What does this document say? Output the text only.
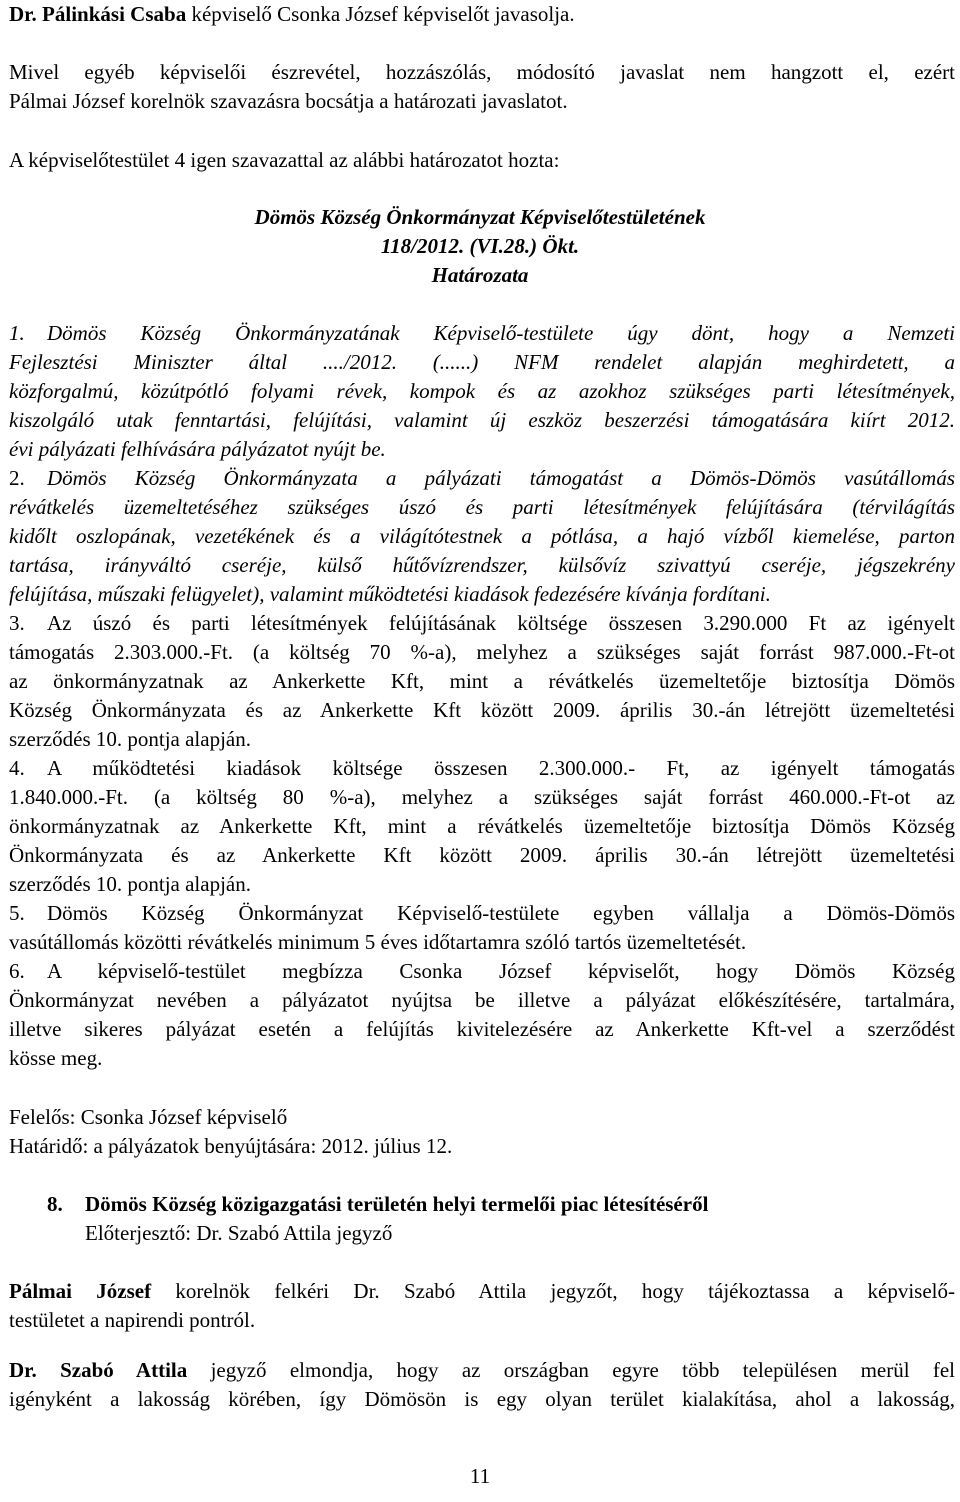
Dr. Pálinkási Csaba képviselő Csonka József képviselőt javasolja.

Mivel egyéb képviselői észrevétel, hozzászólás, módosító javaslat nem hangzott el, ezért
Pálmai József korelnök szavazásra bocsátja a határozati javaslatot.

A képviselőtestület 4 igen szavazattal az alábbi határozatot hozta:

Dömös Község Önkormányzat Képviselőtestületének

118/2012. (VI.28.) Ökt.

Határozata

1. Dömös Község Önkormányzatának Képviselő-testülete úgy dönt, hogy a Nemzeti
Fejlesztési Miniszter által ..../2012. (......) NFM rendelet alapján meghirdetett, a
közforgalmú, közútpótló folyami révek, kompok és az azokhoz szükséges parti létesítmények,
kiszolgáló utak fenntartási, felújítási, valamint új eszköz beszerzési támogatására kiírt 2012.
évi pályázati felhívására pályázatot nyújt be.

2. Dömös Község Önkormányzata a pályázati támogatást a Dömös-Dömös vasútállomás
révátkelés üzemeltetéséhez szükséges úszó és parti létesítmények felújítására (térvilágítás
kidőlt oszlopának, vezetékének és a világítótestnek a pótlása, a hajó vízből kiemelése, parton
tartása, irányváltó cseréje, külső hűtővízrendszer, külsővíz szivattyú cseréje, jégszekrény
felújítása, műszaki felügyelet), valamint működtetési kiadások fedezésére kívánja fordítani.

3. Az úszó és parti létesítmények felújításának költsége összesen 3.290.000 Ft az igényelt
támogatás 2.303.000.-Ft. (a költség 70 %-a), melyhez a szükséges saját forrást 987.000.-Ft-ot
az önkormányzatnak az Ankerkette Kft, mint a révátkelés üzemeltetője biztosítja Dömös
Község Önkormányzata és az Ankerkette Kft között 2009. április 30.-án létrejött üzemeltetési
szerződés 10. pontja alapján.

4. A működtetési kiadások költsége összesen 2.300.000.- Ft, az igényelt támogatás
1.840.000.-Ft. (a költség 80 %-a), melyhez a szükséges saját forrást 460.000.-Ft-ot az
önkormányzatnak az Ankerkette Kft, mint a révátkelés üzemeltetője biztosítja Dömös Község
Önkormányzata és az Ankerkette Kft között 2009. április 30.-án létrejött üzemeltetési
szerződés 10. pontja alapján.

5. Dömös Község Önkormányzat Képviselő-testülete egyben vállalja a Dömös-Dömös
vasútállomás közötti révátkelés minimum 5 éves időtartamra szóló tartós üzemeltetését.

6. A képviselő-testület megbízza Csonka József képviselőt, hogy Dömös Község
Önkormányzat nevében a pályázatot nyújtsa be illetve a pályázat előkészítésére, tartalmára,
illetve sikeres pályázat esetén a felújítás kivitelezésére az Ankerkette Kft-vel a szerződést
kösse meg.

Felelős: Csonka József képviselő

Határidő: a pályázatok benyújtására: 2012. július 12.

8. Dömös Község közigazgatási területén helyi termelői piac létesítéséről

Előterjesztő: Dr. Szabó Attila jegyző

Pálmai József korelnök felkéri Dr. Szabó Attila jegyzőt, hogy tájékoztassa a képviselő-
testületet a napirendi pontról.

Dr. Szabó Attila jegyző elmondja, hogy az országban egyre több településen merül fel
igényként a lakosság körében, így Dömösön is egy olyan terület kialakítása, ahol a lakosság,

11
